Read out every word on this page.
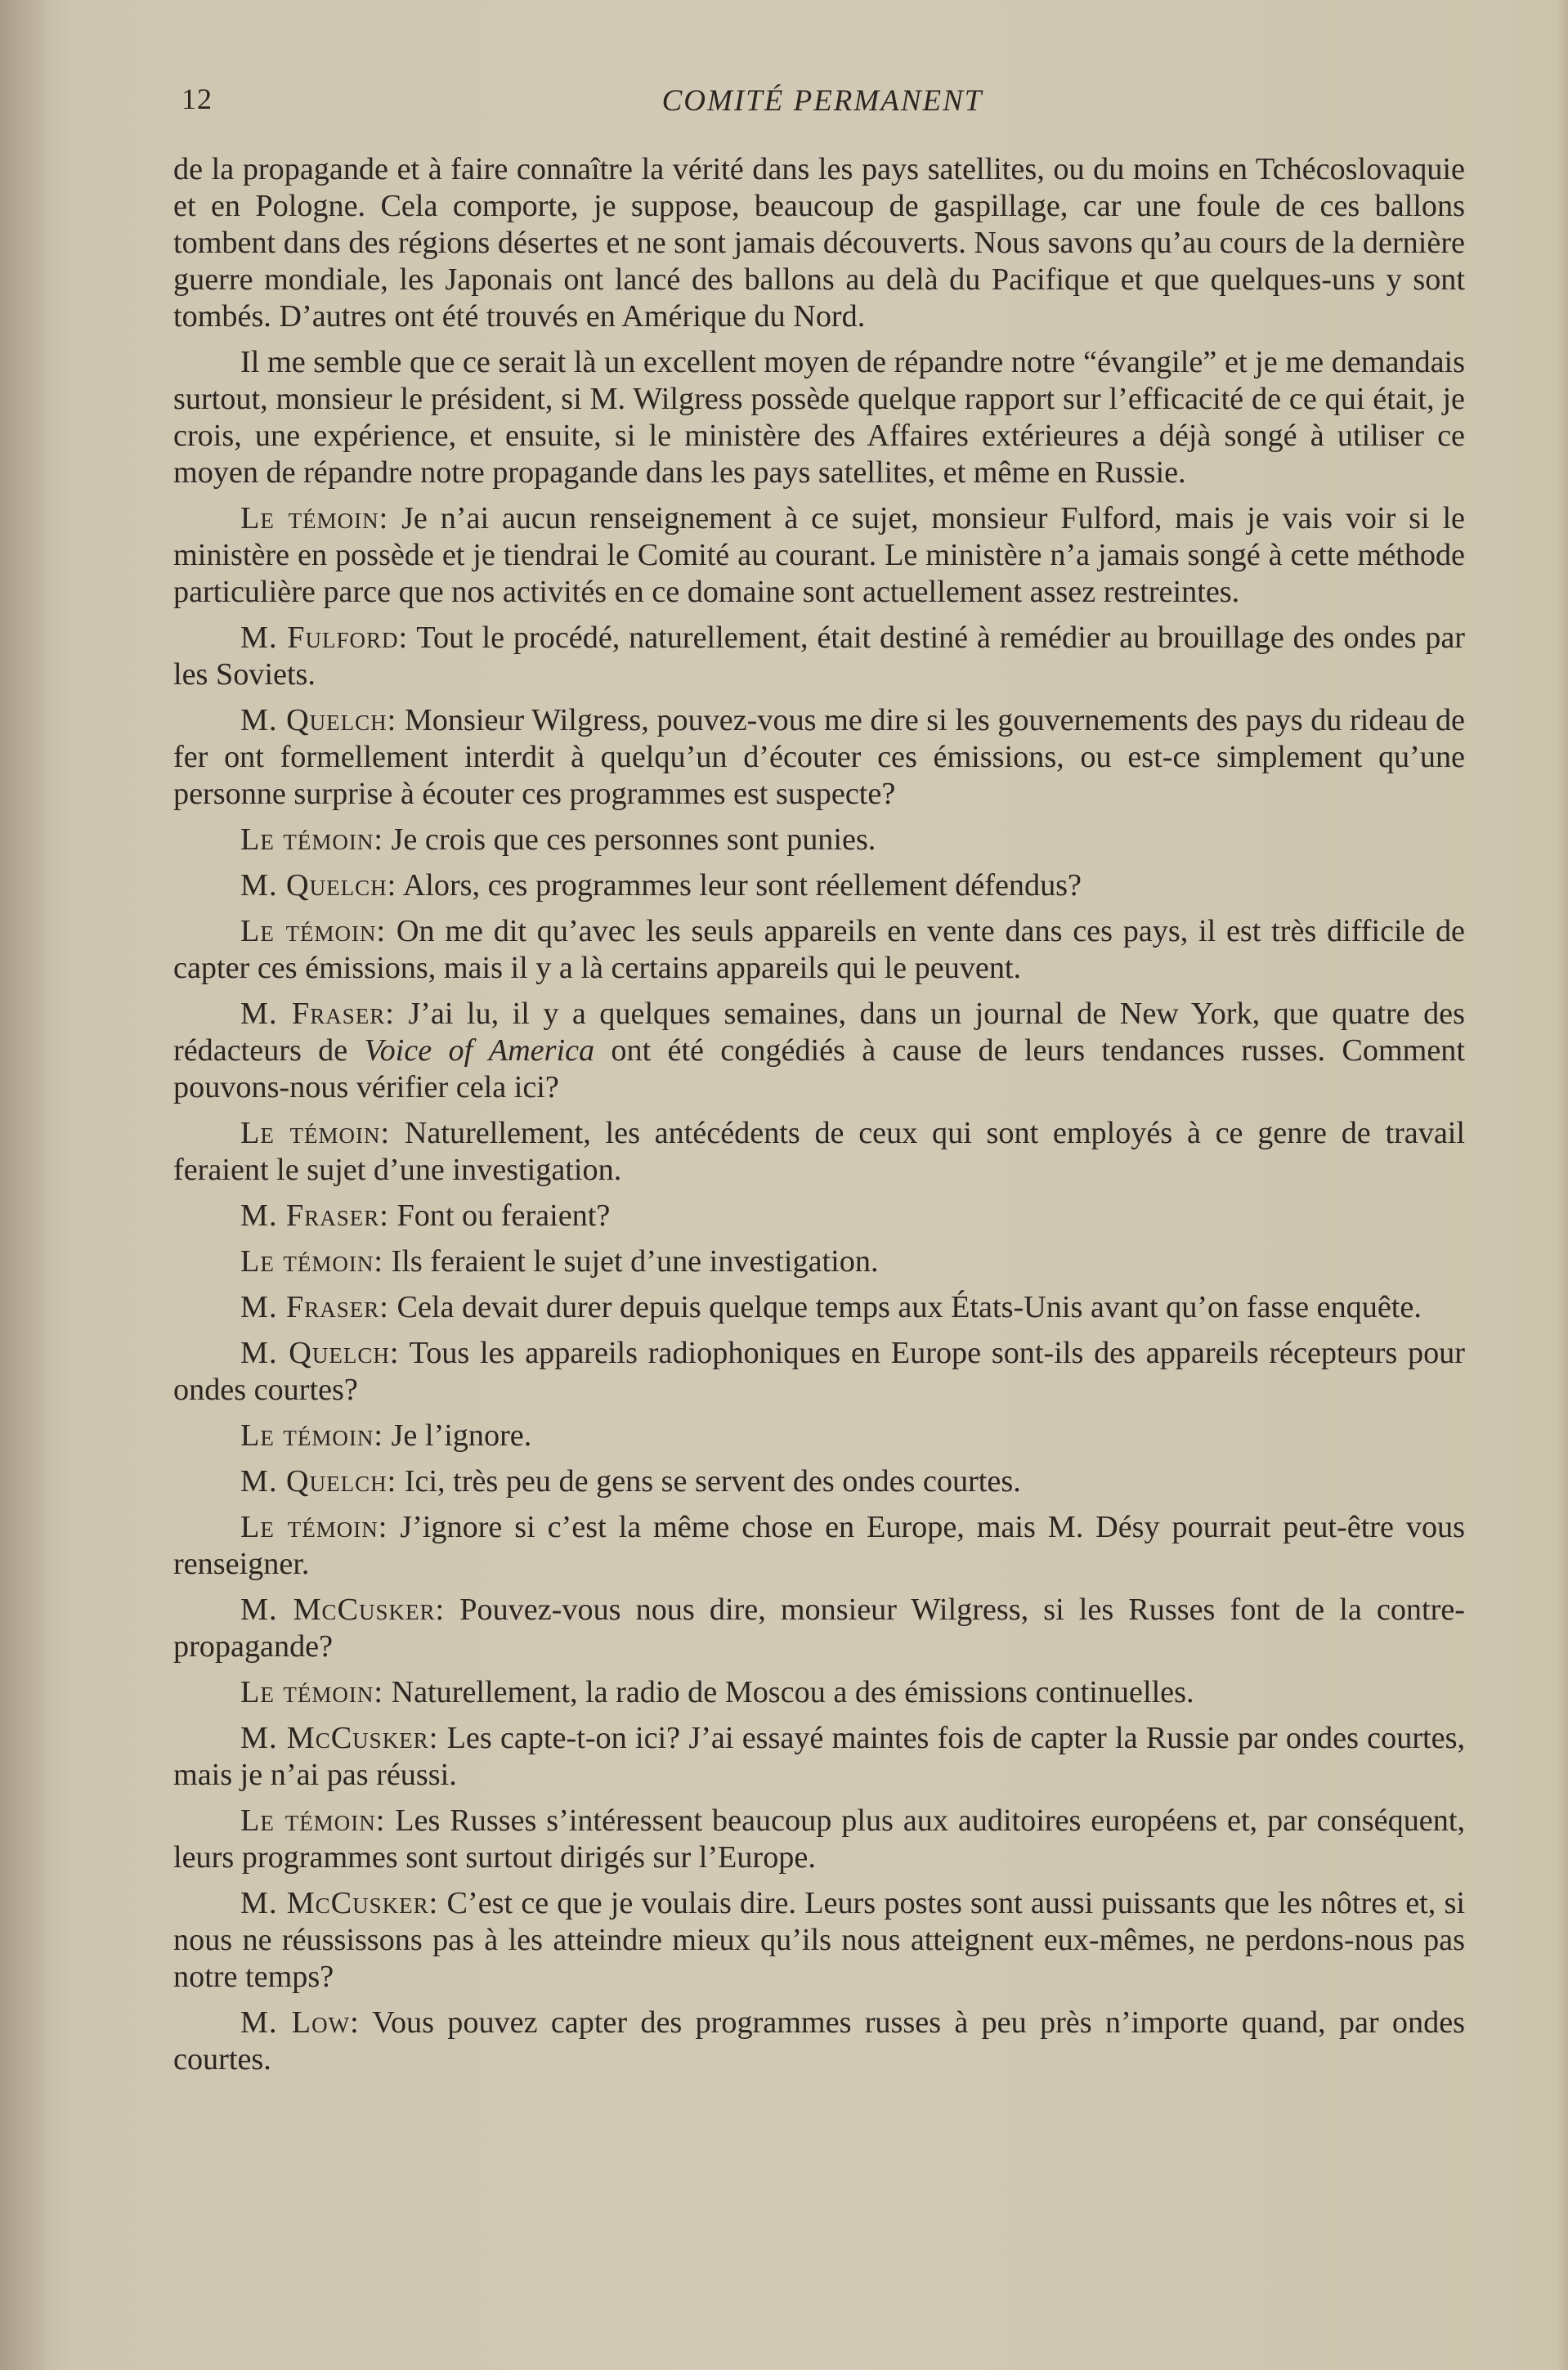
12	COMITÉ PERMANENT

de la propagande et à faire connaître la vérité dans les pays satellites, ou du moins en Tchécoslovaquie et en Pologne. Cela comporte, je suppose, beaucoup de gaspillage, car une foule de ces ballons tombent dans des régions désertes et ne sont jamais découverts. Nous savons qu’au cours de la dernière guerre mondiale, les Japonais ont lancé des ballons au delà du Pacifique et que quelques-uns y sont tombés. D’autres ont été trouvés en Amérique du Nord.

Il me semble que ce serait là un excellent moyen de répandre notre “évangile” et je me demandais surtout, monsieur le président, si M. Wilgress possède quelque rapport sur l’efficacité de ce qui était, je crois, une expérience, et ensuite, si le ministère des Affaires extérieures a déjà songé à utiliser ce moyen de répandre notre propagande dans les pays satellites, et même en Russie.

Le témoin: Je n’ai aucun renseignement à ce sujet, monsieur Fulford, mais je vais voir si le ministère en possède et je tiendrai le Comité au courant. Le ministère n’a jamais songé à cette méthode particulière parce que nos activités en ce domaine sont actuellement assez restreintes.

M. Fulford: Tout le procédé, naturellement, était destiné à remédier au brouillage des ondes par les Soviets.

M. Quelch: Monsieur Wilgress, pouvez-vous me dire si les gouvernements des pays du rideau de fer ont formellement interdit à quelqu’un d’écouter ces émissions, ou est-ce simplement qu’une personne surprise à écouter ces programmes est suspecte?

Le témoin: Je crois que ces personnes sont punies.

M. Quelch: Alors, ces programmes leur sont réellement défendus?

Le témoin: On me dit qu’avec les seuls appareils en vente dans ces pays, il est très difficile de capter ces émissions, mais il y a là certains appareils qui le peuvent.

M. Fraser: J’ai lu, il y a quelques semaines, dans un journal de New York, que quatre des rédacteurs de Voice of America ont été congédiés à cause de leurs tendances russes. Comment pouvons-nous vérifier cela ici?

Le témoin: Naturellement, les antécédents de ceux qui sont employés à ce genre de travail feraient le sujet d’une investigation.

M. Fraser: Font ou feraient?

Le témoin: Ils feraient le sujet d’une investigation.

M. Fraser: Cela devait durer depuis quelque temps aux États-Unis avant qu’on fasse enquête.

M. Quelch: Tous les appareils radiophoniques en Europe sont-ils des appareils récepteurs pour ondes courtes?

Le témoin: Je l’ignore.

M. Quelch: Ici, très peu de gens se servent des ondes courtes.

Le témoin: J’ignore si c’est la même chose en Europe, mais M. Désy pourrait peut-être vous renseigner.

M. McCusker: Pouvez-vous nous dire, monsieur Wilgress, si les Russes font de la contre-propagande?

Le témoin: Naturellement, la radio de Moscou a des émissions continuelles.

M. McCusker: Les capte-t-on ici? J’ai essayé maintes fois de capter la Russie par ondes courtes, mais je n’ai pas réussi.

Le témoin: Les Russes s’intéressent beaucoup plus aux auditoires européens et, par conséquent, leurs programmes sont surtout dirigés sur l’Europe.

M. McCusker: C’est ce que je voulais dire. Leurs postes sont aussi puissants que les nôtres et, si nous ne réussissons pas à les atteindre mieux qu’ils nous atteignent eux-mêmes, ne perdons-nous pas notre temps?

M. Low: Vous pouvez capter des programmes russes à peu près n’importe quand, par ondes courtes.
